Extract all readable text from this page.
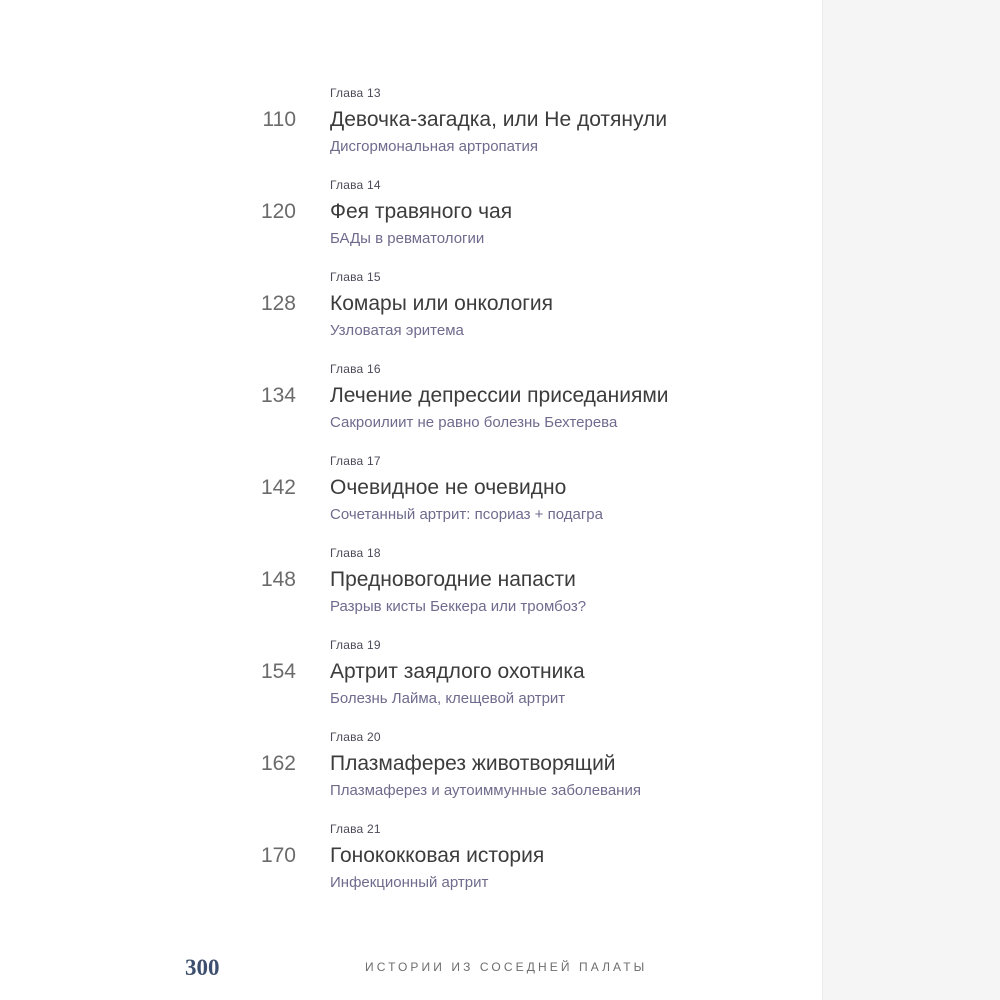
Глава 13
110 Девочка-загадка, или Не дотянули
Дисгормональная артропатия
Глава 14
120 Фея травяного чая
БАДы в ревматологии
Глава 15
128 Комары или онкология
Узловатая эритема
Глава 16
134 Лечение депрессии приседаниями
Сакроилиит не равно болезнь Бехтерева
Глава 17
142 Очевидное не очевидно
Сочетанный артрит: псориаз + подагра
Глава 18
148 Предновогодние напасти
Разрыв кисты Беккера или тромбоз?
Глава 19
154 Артрит заядлого охотника
Болезнь Лайма, клещевой артрит
Глава 20
162 Плазмаферез животворящий
Плазмаферез и аутоиммунные заболевания
Глава 21
170 Гонококковая история
Инфекционный артрит
300	ИСТОРИИ ИЗ СОСЕДНЕЙ ПАЛАТЫ
